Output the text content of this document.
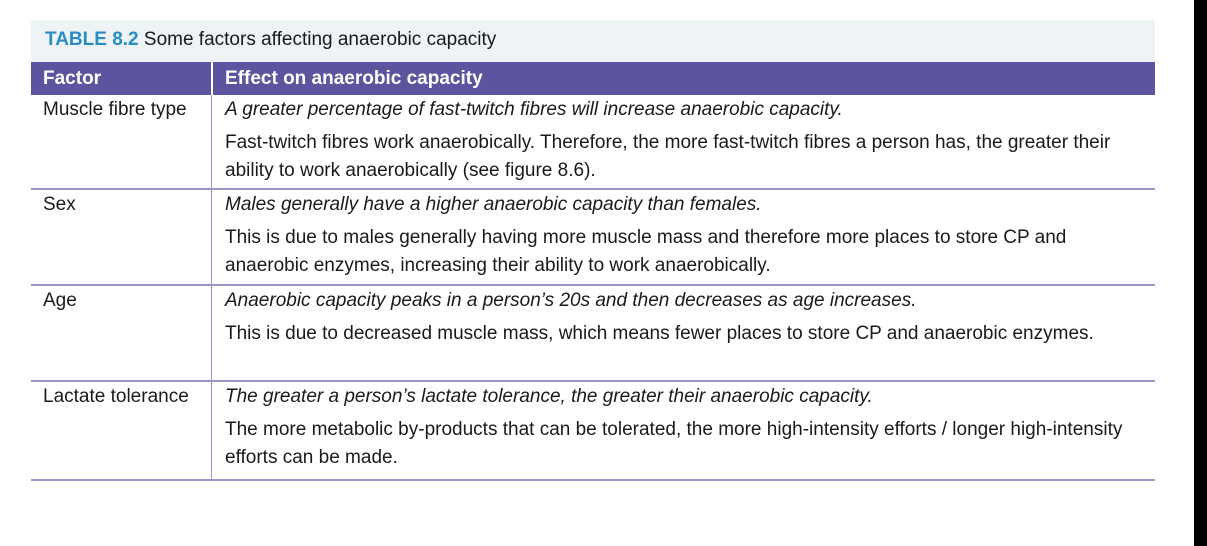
TABLE 8.2 Some factors affecting anaerobic capacity
Factor	Effect on anaerobic capacity
Muscle fibre type	A greater percentage of fast-twitch fibres will increase anaerobic capacity.
Fast-twitch fibres work anaerobically. Therefore, the more fast-twitch fibres a person has, the greater their ability to work anaerobically (see figure 8.6).
Sex	Males generally have a higher anaerobic capacity than females.
This is due to males generally having more muscle mass and therefore more places to store CP and anaerobic enzymes, increasing their ability to work anaerobically.
Age	Anaerobic capacity peaks in a person’s 20s and then decreases as age increases.
This is due to decreased muscle mass, which means fewer places to store CP and anaerobic enzymes.
Lactate tolerance	The greater a person’s lactate tolerance, the greater their anaerobic capacity.
The more metabolic by-products that can be tolerated, the more high-intensity efforts / longer high-intensity efforts can be made.
